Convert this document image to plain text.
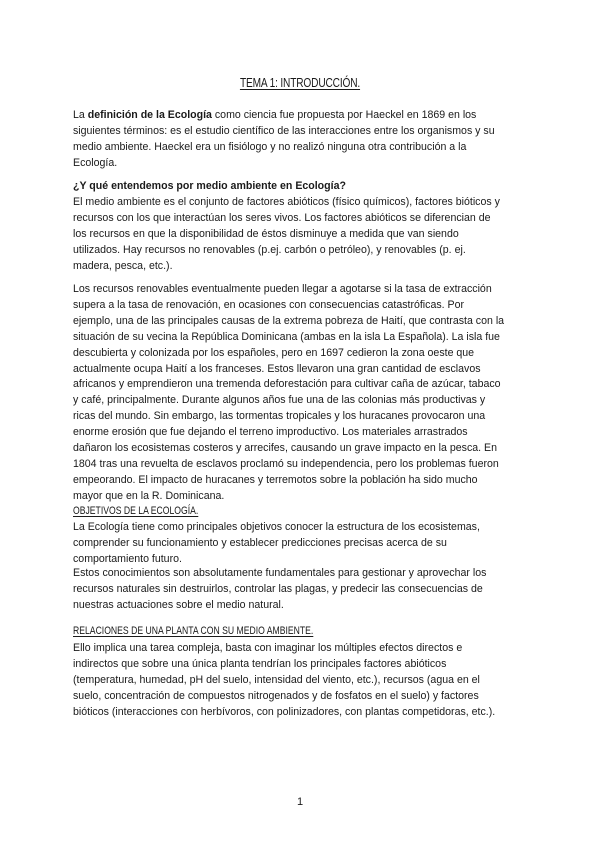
TEMA 1: INTRODUCCIÓN.

La definición de la Ecología como ciencia fue propuesta por Haeckel en 1869 en los siguientes términos: es el estudio científico de las interacciones entre los organismos y su medio ambiente. Haeckel era un fisiólogo y no realizó ninguna otra contribución a la Ecología.

¿Y qué entendemos por medio ambiente en Ecología?

El medio ambiente es el conjunto de factores abióticos (físico químicos), factores bióticos y recursos con los que interactúan los seres vivos. Los factores abióticos se diferencian de los recursos en que la disponibilidad de éstos disminuye a medida que van siendo utilizados. Hay recursos no renovables (p.ej. carbón o petróleo), y renovables (p. ej. madera, pesca, etc.).

Los recursos renovables eventualmente pueden llegar a agotarse si la tasa de extracción supera a la tasa de renovación, en ocasiones con consecuencias catastróficas. Por ejemplo, una de las principales causas de la extrema pobreza de Haití, que contrasta con la situación de su vecina la República Dominicana (ambas en la isla La Española). La isla fue descubierta y colonizada por los españoles, pero en 1697 cedieron la zona oeste que actualmente ocupa Haití a los franceses. Estos llevaron una gran cantidad de esclavos africanos y emprendieron una tremenda deforestación para cultivar caña de azúcar, tabaco y café, principalmente. Durante algunos años fue una de las colonias más productivas y ricas del mundo. Sin embargo, las tormentas tropicales y los huracanes provocaron una enorme erosión que fue dejando el terreno improductivo. Los materiales arrastrados dañaron los ecosistemas costeros y arrecifes, causando un grave impacto en la pesca. En 1804 tras una revuelta de esclavos proclamó su independencia, pero los problemas fueron empeorando. El impacto de huracanes y terremotos sobre la población ha sido mucho mayor que en la R. Dominicana.

OBJETIVOS DE LA ECOLOGÍA.

La Ecología tiene como principales objetivos conocer la estructura de los ecosistemas, comprender su funcionamiento y establecer predicciones precisas acerca de su comportamiento futuro.

Estos conocimientos son absolutamente fundamentales para gestionar y aprovechar los recursos naturales sin destruirlos, controlar las plagas, y predecir las consecuencias de nuestras actuaciones sobre el medio natural.

RELACIONES DE UNA PLANTA CON SU MEDIO AMBIENTE.

Ello implica una tarea compleja, basta con imaginar los múltiples efectos directos e indirectos que sobre una única planta tendrían los principales factores abióticos (temperatura, humedad, pH del suelo, intensidad del viento, etc.), recursos (agua en el suelo, concentración de compuestos nitrogenados y de fosfatos en el suelo) y factores bióticos (interacciones con herbívoros, con polinizadores, con plantas competidoras, etc.).

1
